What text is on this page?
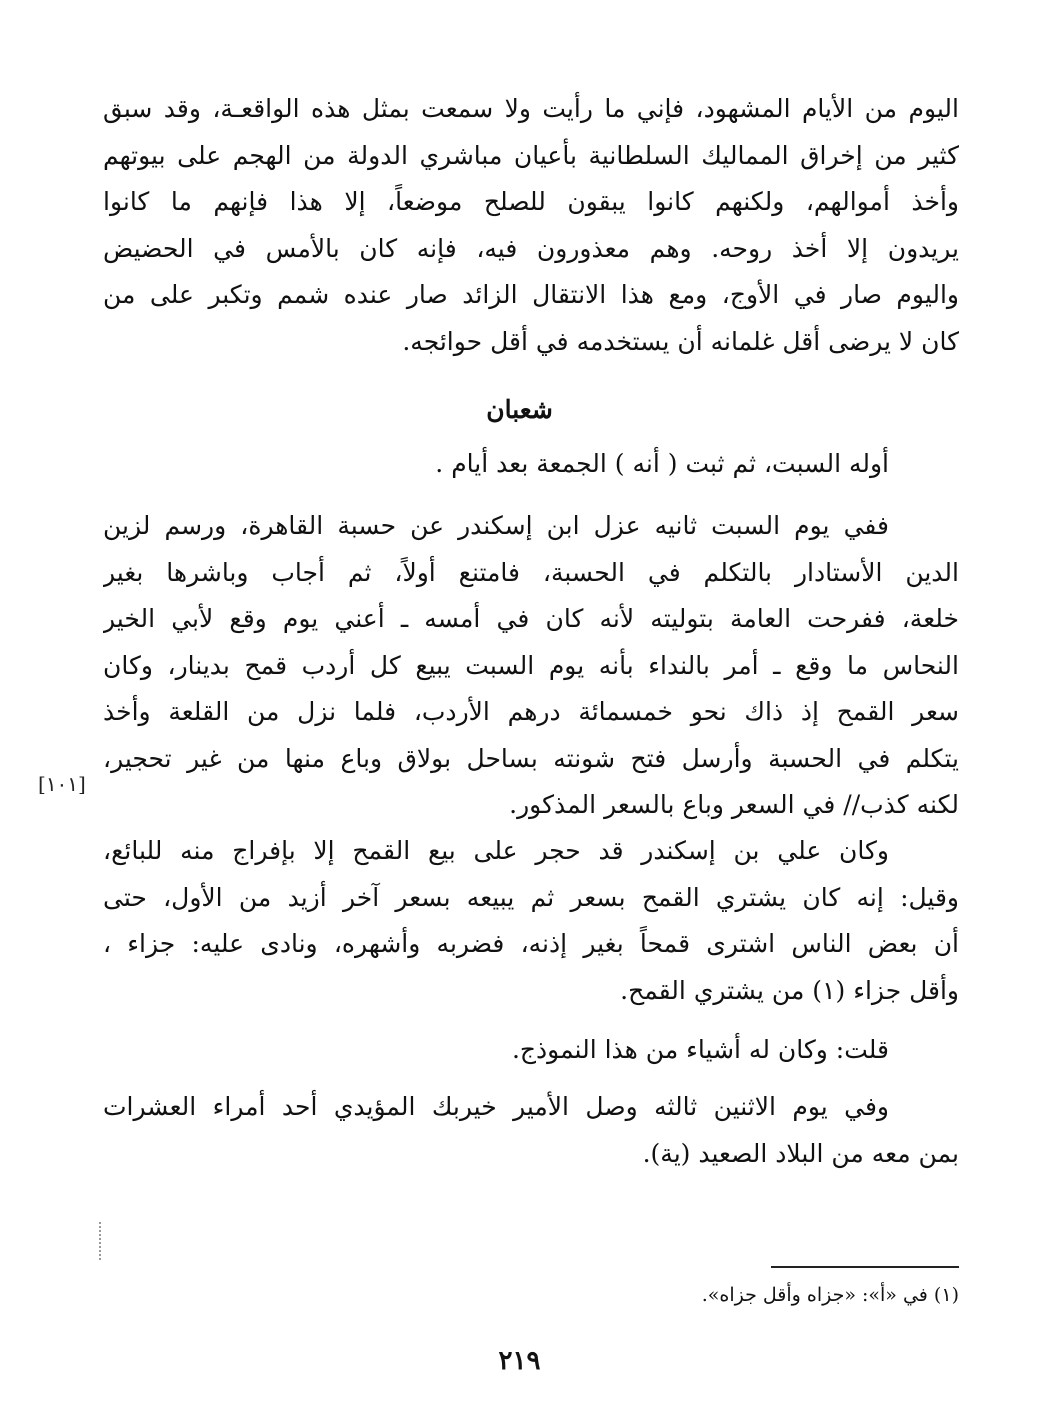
اليوم من الأيام المشهود، فإني ما رأيت ولا سمعت بمثل هذه الواقعـة، وقد سبق
كثير من إخراق المماليك السلطانية بأعيان مباشري الدولة من الهجم على بيوتهم
وأخذ أموالهم، ولكنهم كانوا يبقون للصلح موضعاً، إلا هذا فإنهم ما كانوا
يريدون إلا أخذ روحه. وهم معذورون فيه، فإنه كان بالأمس في الحضيض
واليوم صار في الأوج، ومع هذا الانتقال الزائد صار عنده شمم وتكبر على من
كان لا يرضى أقل غلمانه أن يستخدمه في أقل حوائجه.
شعبان
أوله السبت، ثم ثبت ( أنه ) الجمعة بعد أيام .
ففي يوم السبت ثانيه عزل ابن إسكندر عن حسبة القاهرة، ورسم لزين
الدين الأستادار بالتكلم في الحسبة، فامتنع أولاً، ثم أجاب وباشرها بغير
خلعة، ففرحت العامة بتوليته لأنه كان في أمسه ـ أعني يوم وقع لأبي الخير
النحاس ما وقع ـ أمر بالنداء بأنه يوم السبت يبيع كل أردب قمح بدينار، وكان
سعر القمح إذ ذاك نحو خمسمائة درهم الأردب، فلما نزل من القلعة وأخذ
يتكلم في الحسبة وأرسل فتح شونته بساحل بولاق وباع منها من غير تحجير،
لكنه كذب// في السعر وباع بالسعر المذكور.
[١٠١]
وكان علي بن إسكندر قد حجر على بيع القمح إلا بإفراج منه للبائع،
وقيل: إنه كان يشتري القمح بسعر ثم يبيعه بسعر آخر أزيد من الأول، حتى
أن بعض الناس اشترى قمحاً بغير إذنه، فضربه وأشهره، ونادى عليه: جزاء ،
وأقل جزاء (١) من يشتري القمح.
قلت: وكان له أشياء من هذا النموذج.
وفي يوم الاثنين ثالثه وصل الأمير خيربك المؤيدي أحد أمراء العشرات
بمن معه من البلاد الصعيد (ية).
(١) في «أ»: «جزاه وأقل جزاه».
٢١٩
